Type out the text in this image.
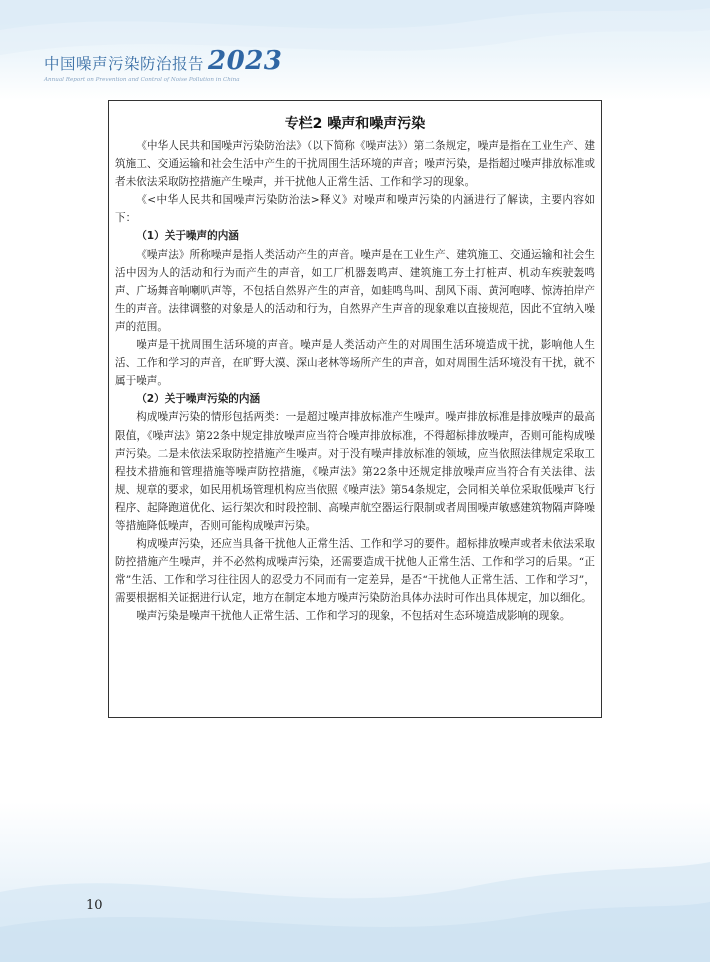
中国噪声污染防治报告 2023
Annual Report on Prevention and Control of Noise Pollution in China
专栏2 噪声和噪声污染

《中华人民共和国噪声污染防治法》（以下简称《噪声法》）第二条规定，噪声是指在工业生产、建筑施工、交通运输和社会生活中产生的干扰周围生活环境的声音；噪声污染，是指超过噪声排放标准或者未依法采取防控措施产生噪声，并干扰他人正常生活、工作和学习的现象。

《<中华人民共和国噪声污染防治法>释义》对噪声和噪声污染的内涵进行了解读，主要内容如下：

（1）关于噪声的内涵

《噪声法》所称噪声是指人类活动产生的声音。噪声是在工业生产、建筑施工、交通运输和社会生活中因为人的活动和行为而产生的声音，如工厂机器轰鸣声、建筑施工夯土打桩声、机动车疾驶轰鸣声、广场舞音响喇叭声等，不包括自然界产生的声音，如蛙鸣鸟叫、刮风下雨、黄河咆哮、惊涛拍岸产生的声音。法律调整的对象是人的活动和行为，自然界产生声音的现象难以直接规范，因此不宜纳入噪声的范围。

噪声是干扰周围生活环境的声音。噪声是人类活动产生的对周围生活环境造成干扰，影响他人生活、工作和学习的声音，在旷野大漠、深山老林等场所产生的声音，如对周围生活环境没有干扰，就不属于噪声。

（2）关于噪声污染的内涵

构成噪声污染的情形包括两类：一是超过噪声排放标准产生噪声。噪声排放标准是排放噪声的最高限值，《噪声法》第22条中规定排放噪声应当符合噪声排放标准，不得超标排放噪声，否则可能构成噪声污染。二是未依法采取防控措施产生噪声。对于没有噪声排放标准的领域，应当依照法律规定采取工程技术措施和管理措施等噪声防控措施，《噪声法》第22条中还规定排放噪声应当符合有关法律、法规、规章的要求，如民用机场管理机构应当依照《噪声法》第54条规定，会同相关单位采取低噪声飞行程序、起降跑道优化、运行架次和时段控制、高噪声航空器运行限制或者周围噪声敏感建筑物隔声降噪等措施降低噪声，否则可能构成噪声污染。

构成噪声污染，还应当具备干扰他人正常生活、工作和学习的要件。超标排放噪声或者未依法采取防控措施产生噪声，并不必然构成噪声污染，还需要造成干扰他人正常生活、工作和学习的后果。“正常”生活、工作和学习往往因人的忍受力不同而有一定差异，是否“干扰他人正常生活、工作和学习”，需要根据相关证据进行认定，地方在制定本地方噪声污染防治具体办法时可作出具体规定，加以细化。

噪声污染是噪声干扰他人正常生活、工作和学习的现象，不包括对生态环境造成影响的现象。

10
